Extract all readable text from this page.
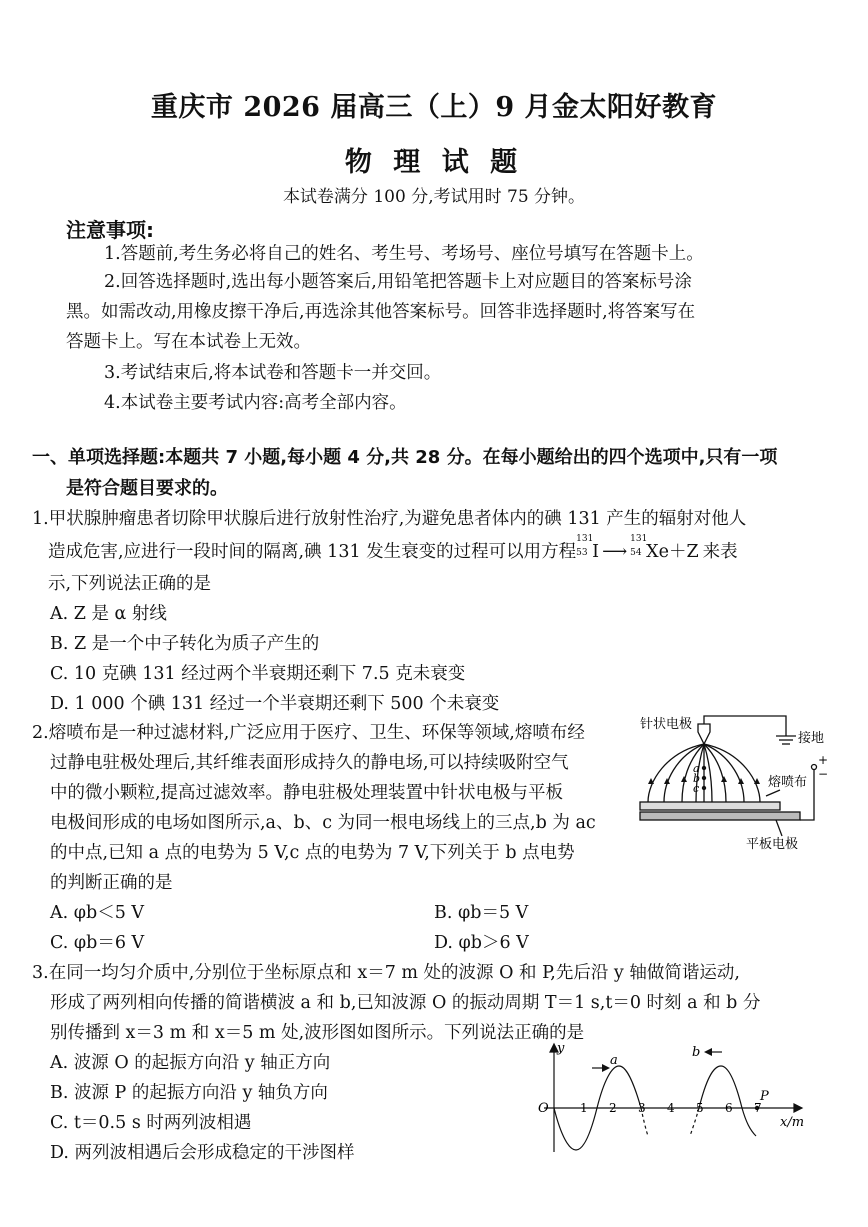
重庆市 2026 届高三（上）9 月金太阳好教育
物 理 试 题
本试卷满分 100 分,考试用时 75 分钟。
注意事项:
1.答题前,考生务必将自己的姓名、考生号、考场号、座位号填写在答题卡上。
2.回答选择题时,选出每小题答案后,用铅笔把答题卡上对应题目的答案标号涂
黑。如需改动,用橡皮擦干净后,再选涂其他答案标号。回答非选择题时,将答案写在
答题卡上。写在本试卷上无效。
3.考试结束后,将本试卷和答题卡一并交回。
4.本试卷主要考试内容:高考全部内容。
一、单项选择题:本题共 7 小题,每小题 4 分,共 28 分。在每小题给出的四个选项中,只有一项
是符合题目要求的。
1.甲状腺肿瘤患者切除甲状腺后进行放射性治疗,为避免患者体内的碘 131 产生的辐射对他人
造成危害,应进行一段时间的隔离,碘 131 发生衰变的过程可以用方程
131
53 I ⟶
131
54 Xe＋Z 来表
示,下列说法正确的是
A. Z 是 α 射线
B. Z 是一个中子转化为质子产生的
C. 10 克碘 131 经过两个半衰期还剩下 7.5 克未衰变
D. 1 000 个碘 131 经过一个半衰期还剩下 500 个未衰变
2.熔喷布是一种过滤材料,广泛应用于医疗、卫生、环保等领域,熔喷布经
过静电驻极处理后,其纤维表面形成持久的静电场,可以持续吸附空气
中的微小颗粒,提高过滤效率。静电驻极处理装置中针状电极与平板
电极间形成的电场如图所示,a、b、c 为同一根电场线上的三点,b 为 ac
的中点,已知 a 点的电势为 5 V,c 点的电势为 7 V,下列关于 b 点电势
的判断正确的是
A. φb＜5 V	B. φb＝5 V
C. φb＝6 V	D. φb＞6 V
针状电极
接地
熔喷布
平板电极
a
b
c
+
−
3.在同一均匀介质中,分别位于坐标原点和 x＝7 m 处的波源 O 和 P,先后沿 y 轴做简谐运动,
形成了两列相向传播的简谐横波 a 和 b,已知波源 O 的振动周期 T＝1 s,t＝0 时刻 a 和 b 分
别传播到 x＝3 m 和 x＝5 m 处,波形图如图所示。下列说法正确的是
A. 波源 O 的起振方向沿 y 轴正方向
B. 波源 P 的起振方向沿 y 轴负方向
C. t＝0.5 s 时两列波相遇
D. 两列波相遇后会形成稳定的干涉图样
y
x/m
O	1 2 3 4 5 6 7
a
b
P
